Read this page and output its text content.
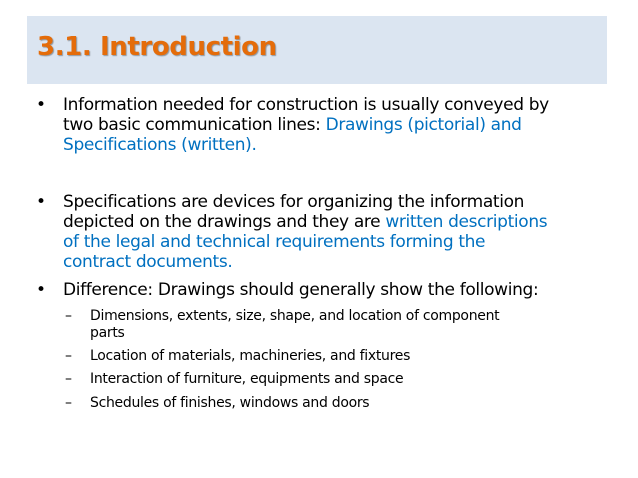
3.1. Introduction
• Information needed for construction is usually conveyed by
two basic communication lines: Drawings (pictorial) and
Specifications (written).
• Specifications are devices for organizing the information
depicted on the drawings and they are written descriptions
of the legal and technical requirements forming the
contract documents.
• Difference: Drawings should generally show the following:
– Dimensions, extents, size, shape, and location of component
parts
– Location of materials, machineries, and fixtures
– Interaction of furniture, equipments and space
– Schedules of finishes, windows and doors
